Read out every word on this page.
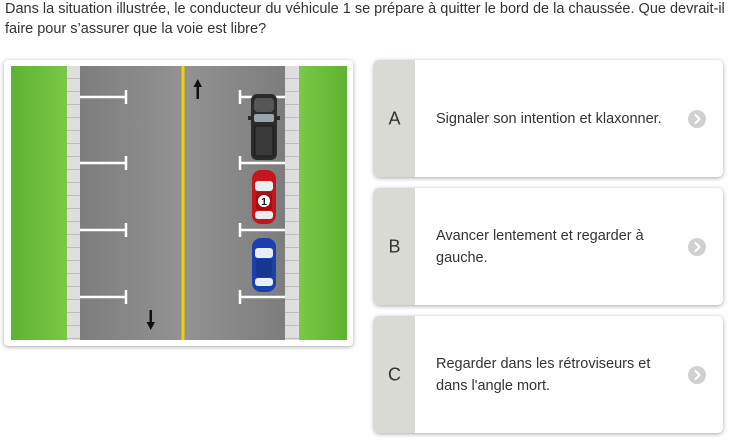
Dans la situation illustrée, le conducteur du véhicule 1 se prépare à quitter le bord de la chaussée. Que devrait-il faire pour s’assurer que la voie est libre?
1
A	Signaler son intention et klaxonner.
B
Avancer lentement et regarder à gauche.
C
Regarder dans les rétroviseurs et dans l'angle mort.
